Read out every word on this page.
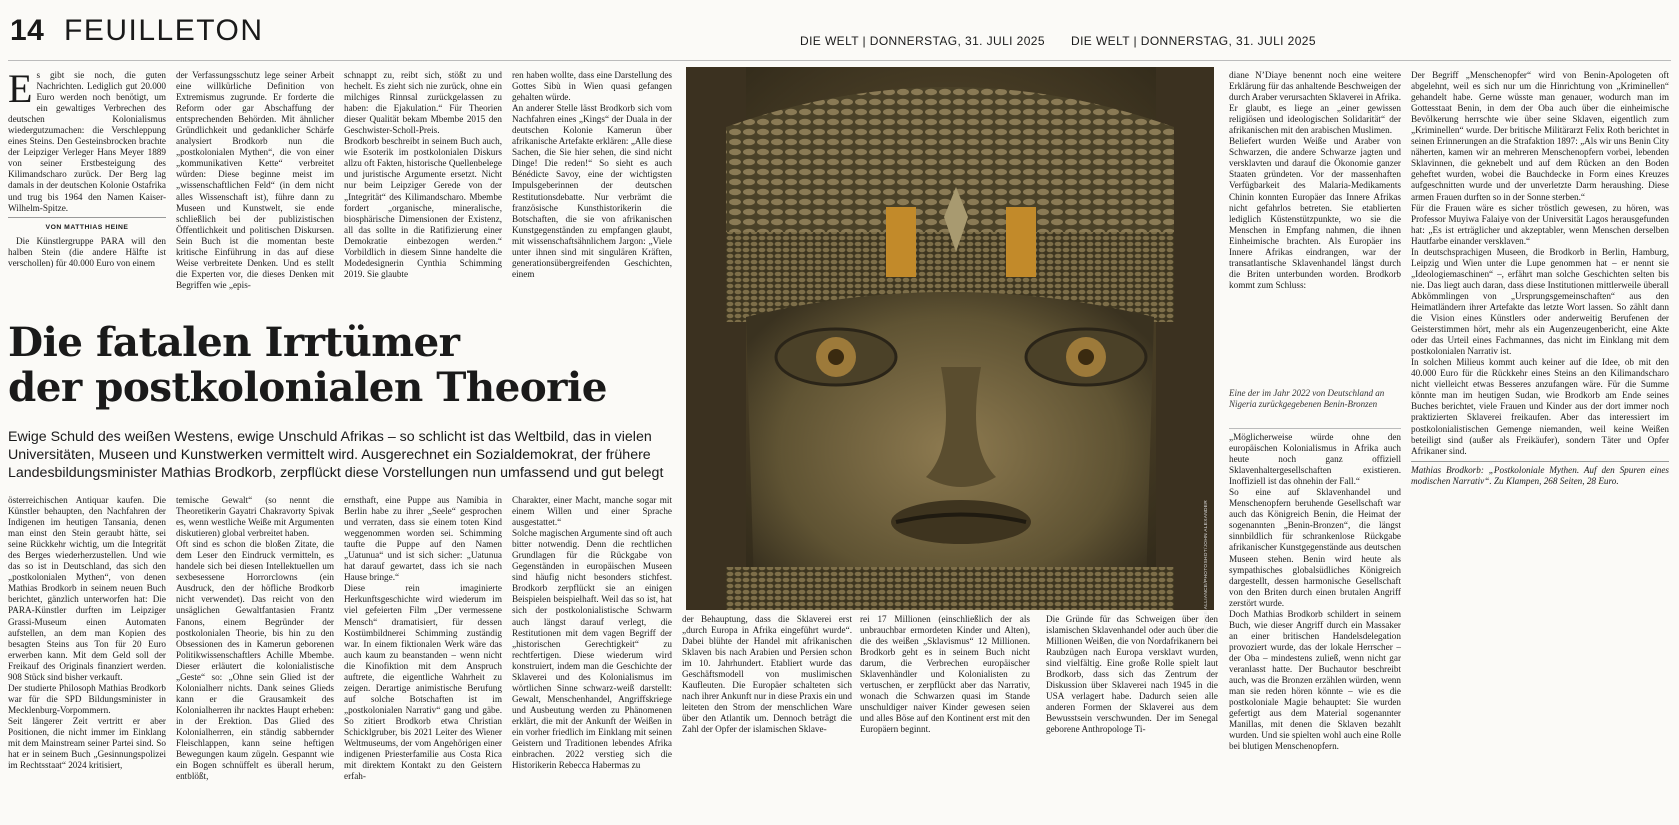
14 FEUILLETON	DIE WELT | DONNERSTAG, 31. JULI 2025 DIE WELT | DONNERSTAG, 31. JULI 2025

Es gibt sie noch, die guten Nachrichten. Lediglich gut 20.000 Euro werden noch benötigt, um ein gewaltiges Verbrechen des deutschen Kolonialismus wiedergutzumachen: die Verschleppung eines Steins. Den Gesteinsbrocken brachte der Leipziger Verleger Hans Meyer 1889 von seiner Erstbesteigung des Kilimandscharo zurück. Der Berg lag damals in der deutschen Kolonie Ostafrika und trug bis 1964 den Namen Kaiser-Wilhelm-Spitze.

VON MATTHIAS HEINE

Die Künstlergruppe PARA will den halben Stein (die andere Hälfte ist verschollen) für 40.000 Euro von einem

der Verfassungsschutz lege seiner Arbeit eine willkürliche Definition von Extremismus zugrunde. Er forderte die Reform oder gar Abschaffung der entsprechenden Behörden. Mit ähnlicher Gründlichkeit und gedanklicher Schärfe analysiert Brodkorb nun die „postkolonialen Mythen“, die von einer „kommunikativen Kette“ verbreitet würden: Diese beginne meist im „wissenschaftlichen Feld“ (in dem nicht alles Wissenschaft ist), führe dann zu Museen und Kunstwelt, sie ende schließlich bei der publizistischen Öffentlichkeit und politischen Diskursen. Sein Buch ist die momentan beste kritische Einführung in das auf diese Weise verbreitete Denken. Und es stellt die Experten vor, die dieses Denken mit Begriffen wie „epis-

schnappt zu, reibt sich, stößt zu und hechelt. Es zieht sich nie zurück, ohne ein milchiges Rinnsal zurückgelassen zu haben: die Ejakulation.“ Für Theorien dieser Qualität bekam Mbembe 2015 den Geschwister-Scholl-Preis.
Brodkorb beschreibt in seinem Buch auch, wie Esoterik im postkolonialen Diskurs allzu oft Fakten, historische Quellenbelege und juristische Argumente ersetzt. Nicht nur beim Leipziger Gerede von der „Integrität“ des Kilimandscharo. Mbembe fordert „organische, mineralische, biosphärische Dimensionen der Existenz, all das sollte in die Ratifizierung einer Demokratie einbezogen werden.“ Vorbildlich in diesem Sinne handelte die Modedesignerin Cynthia Schimming 2019. Sie glaubte

ren haben wollte, dass eine Darstellung des Gottes Sibù in Wien quasi gefangen gehalten würde.
An anderer Stelle lässt Brodkorb sich vom Nachfahren eines „Kings“ der Duala in der deutschen Kolonie Kamerun über afrikanische Artefakte erklären: „Alle diese Sachen, die Sie hier sehen, die sind nicht Dinge! Die reden!“ So sieht es auch Bénédicte Savoy, eine der wichtigsten Impulsgeberinnen der deutschen Restitutionsdebatte. Nur verbrämt die französische Kunsthistorikerin die Botschaften, die sie von afrikanischen Kunstgegenständen zu empfangen glaubt, mit wissenschaftsähnlichem Jargon: „Viele unter ihnen sind mit singulären Kräften, generationsübergreifenden Geschichten, einem

Die fatalen Irrtümer
der postkolonialen Theorie

Ewige Schuld des weißen Westens, ewige Unschuld Afrikas – so schlicht ist das Weltbild, das in vielen Universitäten, Museen und Kunstwerken vermittelt wird. Ausgerechnet ein Sozialdemokrat, der frühere Landesbildungsminister Mathias Brodkorb, zerpflückt diese Vorstellungen nun umfassend und gut belegt

österreichischen Antiquar kaufen. Die Künstler behaupten, den Nachfahren der Indigenen im heutigen Tansania, denen man einst den Stein geraubt hätte, sei seine Rückkehr wichtig, um die Integrität des Berges wiederherzustellen. Und wie das so ist in Deutschland, das sich den „postkolonialen Mythen“, von denen Mathias Brodkorb in seinem neuen Buch berichtet, gänzlich unterworfen hat: Die PARA-Künstler durften im Leipziger Grassi-Museum einen Automaten aufstellen, an dem man Kopien des besagten Steins aus Ton für 20 Euro erwerben kann. Mit dem Geld soll der Freikauf des Originals finanziert werden. 908 Stück sind bisher verkauft.
Der studierte Philosoph Mathias Brodkorb war für die SPD Bildungsminister in Mecklenburg-Vorpommern.
Seit längerer Zeit vertritt er aber Positionen, die nicht immer im Einklang mit dem Mainstream seiner Partei sind. So hat er in seinem Buch „Gesinnungspolizei im Rechtsstaat“ 2024 kritisiert,

temische Gewalt“ (so nennt die Theoretikerin Gayatri Chakravorty Spivak es, wenn westliche Weiße mit Argumenten diskutieren) global verbreitet haben.
Oft sind es schon die bloßen Zitate, die dem Leser den Eindruck vermitteln, es handele sich bei diesen Intellektuellen um sexbesessene Horrorclowns (ein Ausdruck, den der höfliche Brodkorb nicht verwendet). Das reicht von den unsäglichen Gewaltfantasien Frantz Fanons, einem Begründer der postkolonialen Theorie, bis hin zu den Obsessionen des in Kamerun geborenen Politikwissenschaftlers Achille Mbembe. Dieser erläutert die kolonialistische „Geste“ so: „Ohne sein Glied ist der Kolonialherr nichts. Dank seines Glieds kann er die Grausamkeit des Kolonialherren ihr nacktes Haupt erheben: in der Erektion. Das Glied des Kolonialherren, ein ständig sabbernder Fleischlappen, kann seine heftigen Bewegungen kaum zügeln. Gespannt wie ein Bogen schnüffelt es überall herum, entblößt,

ernsthaft, eine Puppe aus Namibia in Berlin habe zu ihrer „Seele“ gesprochen und verraten, dass sie einem toten Kind weggenommen worden sei. Schimming taufte die Puppe auf den Namen „Uatunua“ und ist sich sicher: „Uatunua hat darauf gewartet, dass ich sie nach Hause bringe.“
Diese rein imaginierte Herkunftsgeschichte wird wiederum im viel gefeierten Film „Der vermessene Mensch“ dramatisiert, für dessen Kostümbildnerei Schimming zuständig war. In einem fiktionalen Werk wäre das auch kaum zu beanstanden – wenn nicht die Kinofiktion mit dem Anspruch auftrete, die eigentliche Wahrheit zu zeigen. Derartige animistische Berufung auf solche Botschaften ist im „postkolonialen Narrativ“ gang und gäbe. So zitiert Brodkorb etwa Christian Schicklgruber, bis 2021 Leiter des Wiener Weltmuseums, der vom Angehörigen einer indigenen Priesterfamilie aus Costa Rica mit direktem Kontakt zu den Geistern erfah-

Charakter, einer Macht, manche sogar mit einem Willen und einer Sprache ausgestattet.“
Solche magischen Argumente sind oft auch bitter notwendig. Denn die rechtlichen Grundlagen für die Rückgabe von Gegenständen in europäischen Museen sind häufig nicht besonders stichfest. Brodkorb zerpflückt sie an einigen Beispielen beispielhaft. Weil das so ist, hat sich der postkolonialistische Schwarm auch längst darauf verlegt, die Restitutionen mit dem vagen Begriff der „historischen Gerechtigkeit“ zu rechtfertigen. Diese wiederum wird konstruiert, indem man die Geschichte der Sklaverei und des Kolonialismus im wörtlichen Sinne schwarz-weiß darstellt: Gewalt, Menschenhandel, Angriffskriege und Ausbeutung werden zu Phänomenen erklärt, die mit der Ankunft der Weißen in ein vorher friedlich im Einklang mit seinen Geistern und Traditionen lebendes Afrika einbrachen. 2022 verstieg sich die Historikerin Rebecca Habermas zu

der Behauptung, dass die Sklaverei erst „durch Europa in Afrika eingeführt wurde“. Dabei blühte der Handel mit afrikanischen Sklaven bis nach Arabien und Persien schon im 10. Jahrhundert. Etabliert wurde das Geschäftsmodell von muslimischen Kaufleuten. Die Europäer schalteten sich nach ihrer Ankunft nur in diese Praxis ein und leiteten den Strom der menschlichen Ware über den Atlantik um. Dennoch beträgt die Zahl der Opfer der islamischen Sklave-

rei 17 Millionen (einschließlich der als unbrauchbar ermordeten Kinder und Alten), die des weißen „Sklavismus“ 12 Millionen. Brodkorb geht es in seinem Buch nicht darum, die Verbrechen europäischer Sklavenhändler und Kolonialisten zu vertuschen, er zerpflückt aber das Narrativ, wonach die Schwarzen quasi im Stande unschuldiger naiver Kinder gewesen seien und alles Böse auf den Kontinent erst mit den Europäern beginnt.

Die Gründe für das Schweigen über den islamischen Sklavenhandel oder auch über die Millionen Weißen, die von Nordafrikanern bei Raubzügen nach Europa versklavt wurden, sind vielfältig. Eine große Rolle spielt laut Brodkorb, dass sich das Zentrum der Diskussion über Sklaverei nach 1945 in die USA verlagert habe. Dadurch seien alle anderen Formen der Sklaverei aus dem Bewusstsein verschwunden. Der im Senegal geborene Anthropologe Ti-

PICTURE ALLIANCE/PHOTOSHOT/JOHN ALEXANDER

Eine der im Jahr 2022 von Deutschland an Nigeria zurückgegebenen Benin-Bronzen

diane N’Diaye benennt noch eine weitere Erklärung für das anhaltende Beschweigen der durch Araber verursachten Sklaverei in Afrika. Er glaubt, es liege an „einer gewissen religiösen und ideologischen Solidarität“ der afrikanischen mit den arabischen Muslimen.
Beliefert wurden Weiße und Araber von Schwarzen, die andere Schwarze jagten und versklavten und darauf die Ökonomie ganzer Staaten gründeten. Vor der massenhaften Verfügbarkeit des Malaria-Medikaments Chinin konnten Europäer das Innere Afrikas nicht gefahrlos betreten. Sie etablierten lediglich Küstenstützpunkte, wo sie die Menschen in Empfang nahmen, die ihnen Einheimische brachten. Als Europäer ins Innere Afrikas eindrangen, war der transatlantische Sklavenhandel längst durch die Briten unterbunden worden. Brodkorb kommt zum Schluss:

„Möglicherweise würde ohne den europäischen Kolonialismus in Afrika auch heute noch ganz offiziell Sklavenhaltergesellschaften existieren. Inoffiziell ist das ohnehin der Fall.“
So eine auf Sklavenhandel und Menschenopfern beruhende Gesellschaft war auch das Königreich Benin, die Heimat der sogenannten „Benin-Bronzen“, die längst sinnbildlich für schrankenlose Rückgabe afrikanischer Kunstgegenstände aus deutschen Museen stehen. Benin wird heute als sympathisches globalsüdliches Königreich dargestellt, dessen harmonische Gesellschaft von den Briten durch einen brutalen Angriff zerstört wurde.
Doch Mathias Brodkorb schildert in seinem Buch, wie dieser Angriff durch ein Massaker an einer britischen Handelsdelegation provoziert wurde, das der lokale Herrscher – der Oba – mindestens zuließ, wenn nicht gar veranlasst hatte. Der Buchautor beschreibt auch, was die Bronzen erzählen würden, wenn man sie reden hören könnte – wie es die postkoloniale Magie behauptet: Sie wurden gefertigt aus dem Material sogenannter Manillas, mit denen die Sklaven bezahlt wurden. Und sie spielten wohl auch eine Rolle bei blutigen Menschenopfern.

Der Begriff „Menschenopfer“ wird von Benin-Apologeten oft abgelehnt, weil es sich nur um die Hinrichtung von „Kriminellen“ gehandelt habe. Gerne wüsste man genauer, wodurch man im Gottesstaat Benin, in dem der Oba auch über die einheimische Bevölkerung herrschte wie über seine Sklaven, eigentlich zum „Kriminellen“ wurde. Der britische Militärarzt Felix Roth berichtet in seinen Erinnerungen an die Strafaktion 1897: „Als wir uns Benin City näherten, kamen wir an mehreren Menschenopfern vorbei, lebenden Sklavinnen, die geknebelt und auf dem Rücken an den Boden geheftet wurden, wobei die Bauchdecke in Form eines Kreuzes aufgeschnitten wurde und der unverletzte Darm heraushing. Diese armen Frauen durften so in der Sonne sterben.“
Für die Frauen wäre es sicher tröstlich gewesen, zu hören, was Professor Muyiwa Falaiye von der Universität Lagos herausgefunden hat: „Es ist erträglicher und akzeptabler, wenn Menschen derselben Hautfarbe einander versklaven.“
In deutschsprachigen Museen, die Brodkorb in Berlin, Hamburg, Leipzig und Wien unter die Lupe genommen hat – er nennt sie „Ideologiemaschinen“ –, erfährt man solche Geschichten selten bis nie. Das liegt auch daran, dass diese Institutionen mittlerweile überall Abkömmlingen von „Ursprungsgemeinschaften“ aus den Heimatländern ihrer Artefakte das letzte Wort lassen. So zählt dann die Vision eines Künstlers oder anderweitig Berufenen der Geisterstimmen hört, mehr als ein Augenzeugenbericht, eine Akte oder das Urteil eines Fachmannes, das nicht im Einklang mit dem postkolonialen Narrativ ist.
In solchen Milieus kommt auch keiner auf die Idee, ob mit den 40.000 Euro für die Rückkehr eines Steins an den Kilimandscharo nicht vielleicht etwas Besseres anzufangen wäre. Für die Summe könnte man im heutigen Sudan, wie Brodkorb am Ende seines Buches berichtet, viele Frauen und Kinder aus der dort immer noch praktizierten Sklaverei freikaufen. Aber das interessiert im postkolonialistischen Gemenge niemanden, weil keine Weißen beteiligt sind (außer als Freikäufer), sondern Täter und Opfer Afrikaner sind.

Mathias Brodkorb: „Postkoloniale Mythen. Auf den Spuren eines modischen Narrativ“. Zu Klampen, 268 Seiten, 28 Euro.
